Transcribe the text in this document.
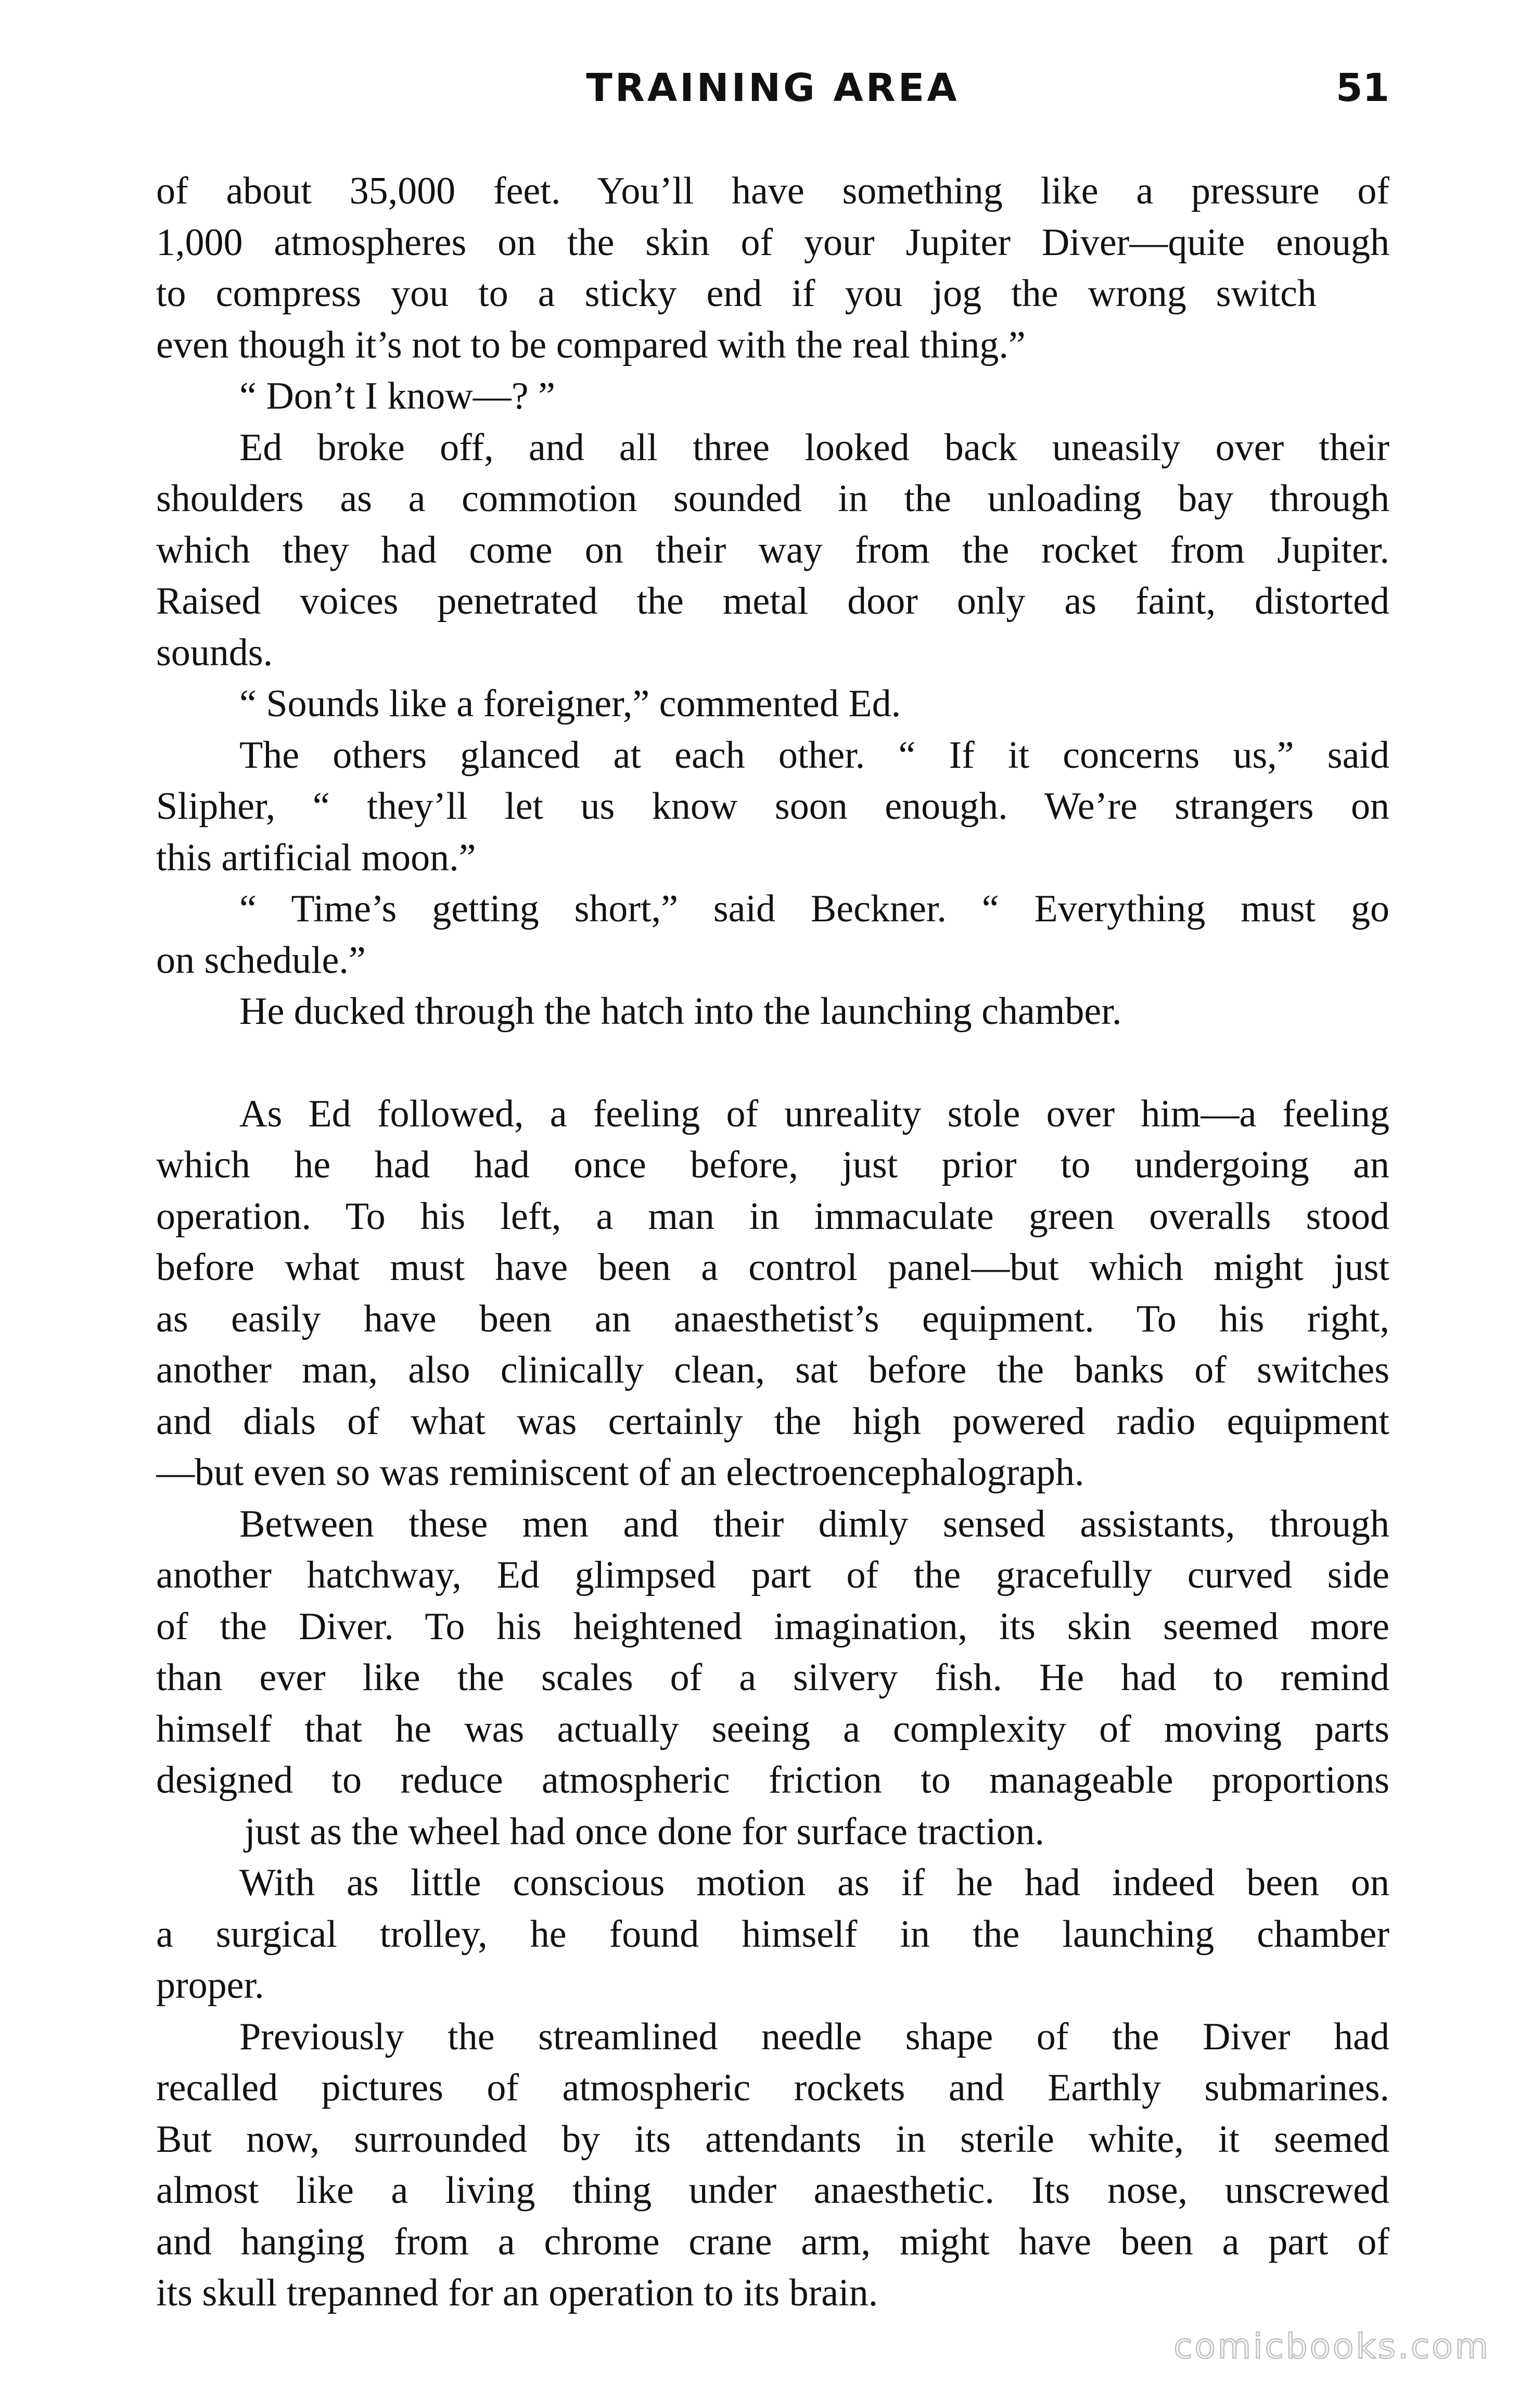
TRAINING AREA	51
of about 35,000 feet. You’ll have something like a pressure of
1,000 atmospheres on the skin of your Jupiter Diver—quite enough
to compress you to a sticky end if you jog the wrong switch
even though it’s not to be compared with the real thing.”
“ Don’t I know—? ”
Ed broke off, and all three looked back uneasily over their
shoulders as a commotion sounded in the unloading bay through
which they had come on their way from the rocket from Jupiter.
Raised voices penetrated the metal door only as faint, distorted
sounds.
“ Sounds like a foreigner,” commented Ed.
The others glanced at each other. “ If it concerns us,” said
Slipher, “ they’ll let us know soon enough. We’re strangers on
this artificial moon.”
“ Time’s getting short,” said Beckner. “ Everything must go
on schedule.”
He ducked through the hatch into the launching chamber.
As Ed followed, a feeling of unreality stole over him—a feeling
which he had had once before, just prior to undergoing an
operation. To his left, a man in immaculate green overalls stood
before what must have been a control panel—but which might just
as easily have been an anaesthetist’s equipment. To his right,
another man, also clinically clean, sat before the banks of switches
and dials of what was certainly the high powered radio equipment
—but even so was reminiscent of an electroencephalograph.
Between these men and their dimly sensed assistants, through
another hatchway, Ed glimpsed part of the gracefully curved side
of the Diver. To his heightened imagination, its skin seemed more
than ever like the scales of a silvery fish. He had to remind
himself that he was actually seeing a complexity of moving parts
designed to reduce atmospheric friction to manageable proportions
just as the wheel had once done for surface traction.
With as little conscious motion as if he had indeed been on
a surgical trolley, he found himself in the launching chamber
proper.
Previously the streamlined needle shape of the Diver had
recalled pictures of atmospheric rockets and Earthly submarines.
But now, surrounded by its attendants in sterile white, it seemed
almost like a living thing under anaesthetic. Its nose, unscrewed
and hanging from a chrome crane arm, might have been a part of
its skull trepanned for an operation to its brain.
comicbooks.com
